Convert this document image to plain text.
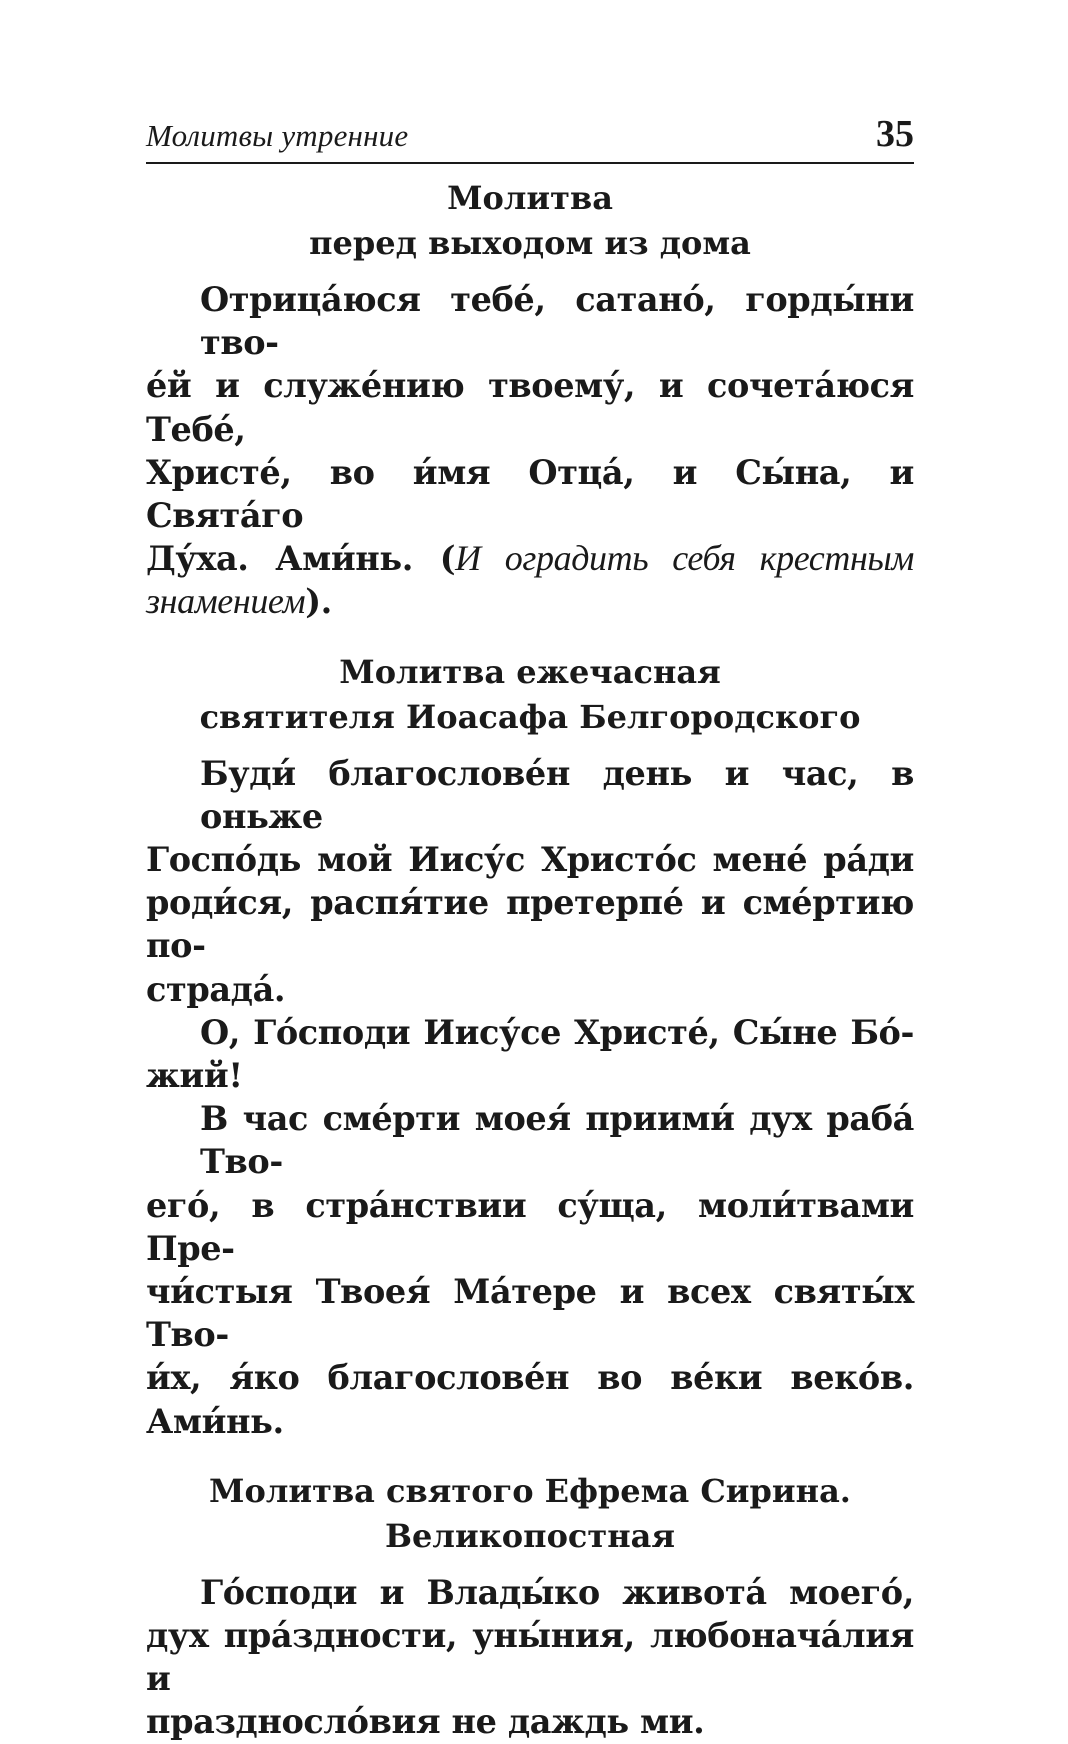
Молитвы утренние	35
Молитва
перед выходом из дома

Отрица́юся тебе́, сатано́, горды́ни тво-
е́й и служе́нию твоему́, и сочета́юся Тебе́,
Христе́, во и́мя Отца́, и Сы́на, и Свята́го
Ду́ха. Ами́нь. (И оградить себя крестным
знамением).

Молитва ежечасная
святителя Иоасафа Белгородского

Буди́ благослове́н день и час, в оньже
Госпо́дь мой Иису́с Христо́с мене́ ра́ди
роди́ся, распя́тие претерпе́ и сме́ртию по-
страда́.

О, Го́споди Иису́се Христе́, Сы́не Бо́-
жий!

В час сме́рти моея́ приими́ дух раба́ Тво-
его́, в стра́нствии су́ща, моли́твами Пре-
чи́стыя Твоея́ Ма́тере и всех святы́х Тво-
и́х, я́ко благослове́н во ве́ки веко́в. Ами́нь.

Молитва святого Ефрема Сирина.
Великопостная

Го́споди и Влады́ко живота́ моего́,
дух пра́здности, уны́ния, любонача́лия и
праздносло́вия не даждь ми.
